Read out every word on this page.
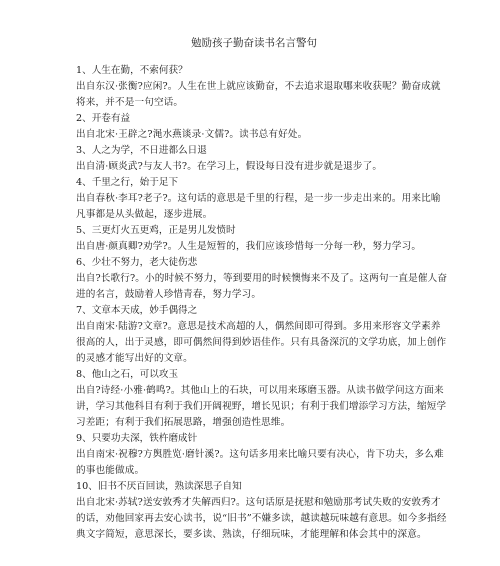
勉励孩子勤奋读书名言警句

1、人生在勤，不索何获？

出自东汉·张衡?应闲?。人生在世上就应该勤奋，不去追求退取哪来收获呢？勤奋成就将来，并不是一句空话。

2、开卷有益

出自北宋·王辟之?渑水燕谈录·文儒?。读书总有好处。

3、人之为学，不日进都么日退

出自清·顾炎武?与友人书?。在学习上，假设每日没有进步就是退步了。

4、千里之行，始于足下

出自春秋·李耳?老子?。这句话的意思是千里的行程，是一步一步走出来的。用来比喻凡事都是从头做起，逐步进展。

5、三更灯火五更鸡，正是男儿发愤时

出自唐·颜真卿?劝学?。人生是短暂的，我们应该珍惜每一分每一秒，努力学习。

6、少壮不努力，老大徒伤悲

出自?长歌行?。小的时候不努力，等到要用的时候懊悔来不及了。这两句一直是催人奋进的名言，鼓励着人珍惜青春，努力学习。

7、文章本天成，妙手偶得之

出自南宋·陆游?文章?。意思是技术高超的人，偶然间即可得到。多用来形容文学素养很高的人，出于灵感，即可偶然间得到妙语佳作。只有具备深沉的文学功底，加上创作的灵感才能写出好的文章。

8、他山之石，可以攻玉

出自?诗经·小雅·鹤鸣?。其他山上的石块，可以用来琢磨玉器。从读书做学问这方面来讲，学习其他科目有利于我们开阔视野，增长见识；有利于我们增添学习方法，缩短学习差距；有利于我们拓展思路，增强创造性思维。

9、只要功夫深，铁杵磨成针

出自南宋·祝穆?方舆胜览·磨针溪?。这句话多用来比喻只要有决心，肯下功夫，多么难的事也能做成。

10、旧书不厌百回读，熟读深思子自知

出自北宋·苏轼?送安敦秀才失解西归?。这句话原是抚慰和勉励那考试失败的安敦秀才的话，劝他回家再去安心读书，说“旧书”不嫌多读，越读越玩味越有意思。如今多指经典文字简短，意思深长，要多读、熟读，仔细玩味，才能理解和体会其中的深意。
